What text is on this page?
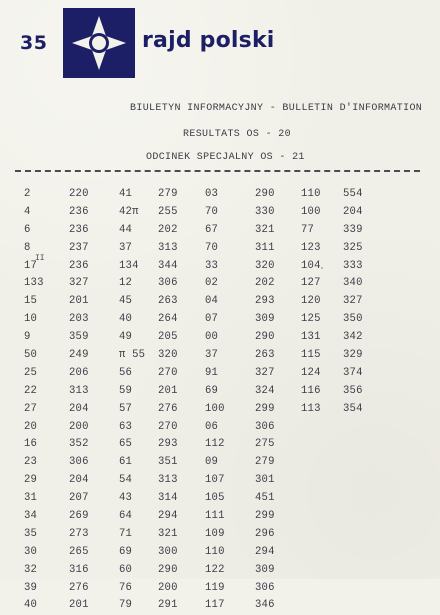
35	rajd polski
BIULETYN INFORMACYJNY - BULLETIN D'INFORMATION
RESULTATS OS - 20
ODCINEK SPECJALNY OS - 21
2
4
6
8
17
133
15
10
9
50
25
22
27
20
16
23
29
31
34
35
30
32
39
40
220
236
236
237
236
327
201
203
359
249
206
313
204
200
352
306
204
207
269
273
265
316
276
201
41
42π
44
37
134
12
45
40
49
π 55
56
59
57
63
65
61
54
43
64
71
69
60
76
79
279
255
202
313
344
306
263
264
205
320
270
201
276
270
293
351
313
314
294
321
300
290
200
291
03
70
67
70
33
02
04
07
00
37
91
69
100
06
112
09
107
105
111
109
110
122
119
117
290
330
321
311
320
202
293
309
290
263
327
324
299
306
275
279
301
451
299
296
294
309
306
346
110
100
77
123
104
127
120
125
131
115
124
116
113
554
204
339
325
333
340
327
350
342
329
374
356
354
II
